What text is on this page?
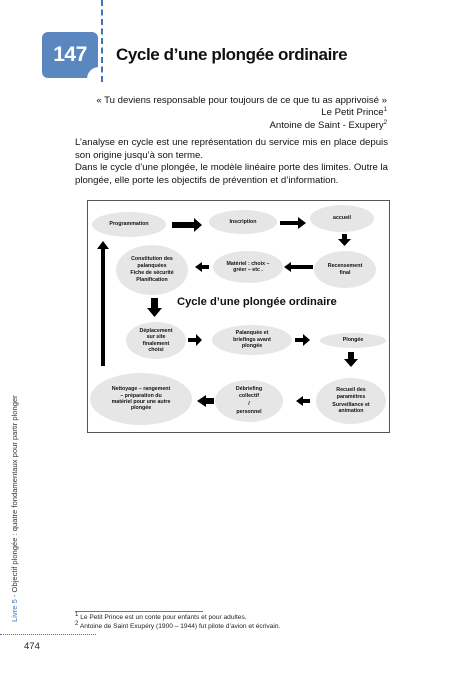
147	Cycle d’une plongée ordinaire
« Tu deviens responsable pour toujours de ce que tu as apprivoisé »
Le Petit Prince$^1$
Antoine de Saint - Exupery$^2$

L’analyse en cycle est une représentation du service mis en place depuis son origine jusqu’à son terme.

Dans le cycle d’une plongée, le modèle linéaire porte des limites. Outre la plongée, elle porte les objectifs de prévention et d’information.

Programmation	Inscription
accueil
Constitution des
palanquées
Fiche de sécurité
Planification
Matériel : choix –
gréer – etc .
Recensement
final
Cycle d’une plongée ordinaire
Déplacement
sur site
finalement
choisi
Palanquée et
briefings avant
plongée
Plongée
Nettoyage – rangement
– préparation du
matériel pour une autre
plongée
Débriefing
collectif
/
personnel
Recueil des
paramètres
Surveillance et
animation
Livre 5 - Objectif plongée : quatre fondamentaux pour partir plonger
474
$^1$ Le Petit Prince est un conte pour enfants et pour adultes.
$^2$ Antoine de Saint Exupéry (1900 – 1944) fut pilote d’avion et écrivain.
